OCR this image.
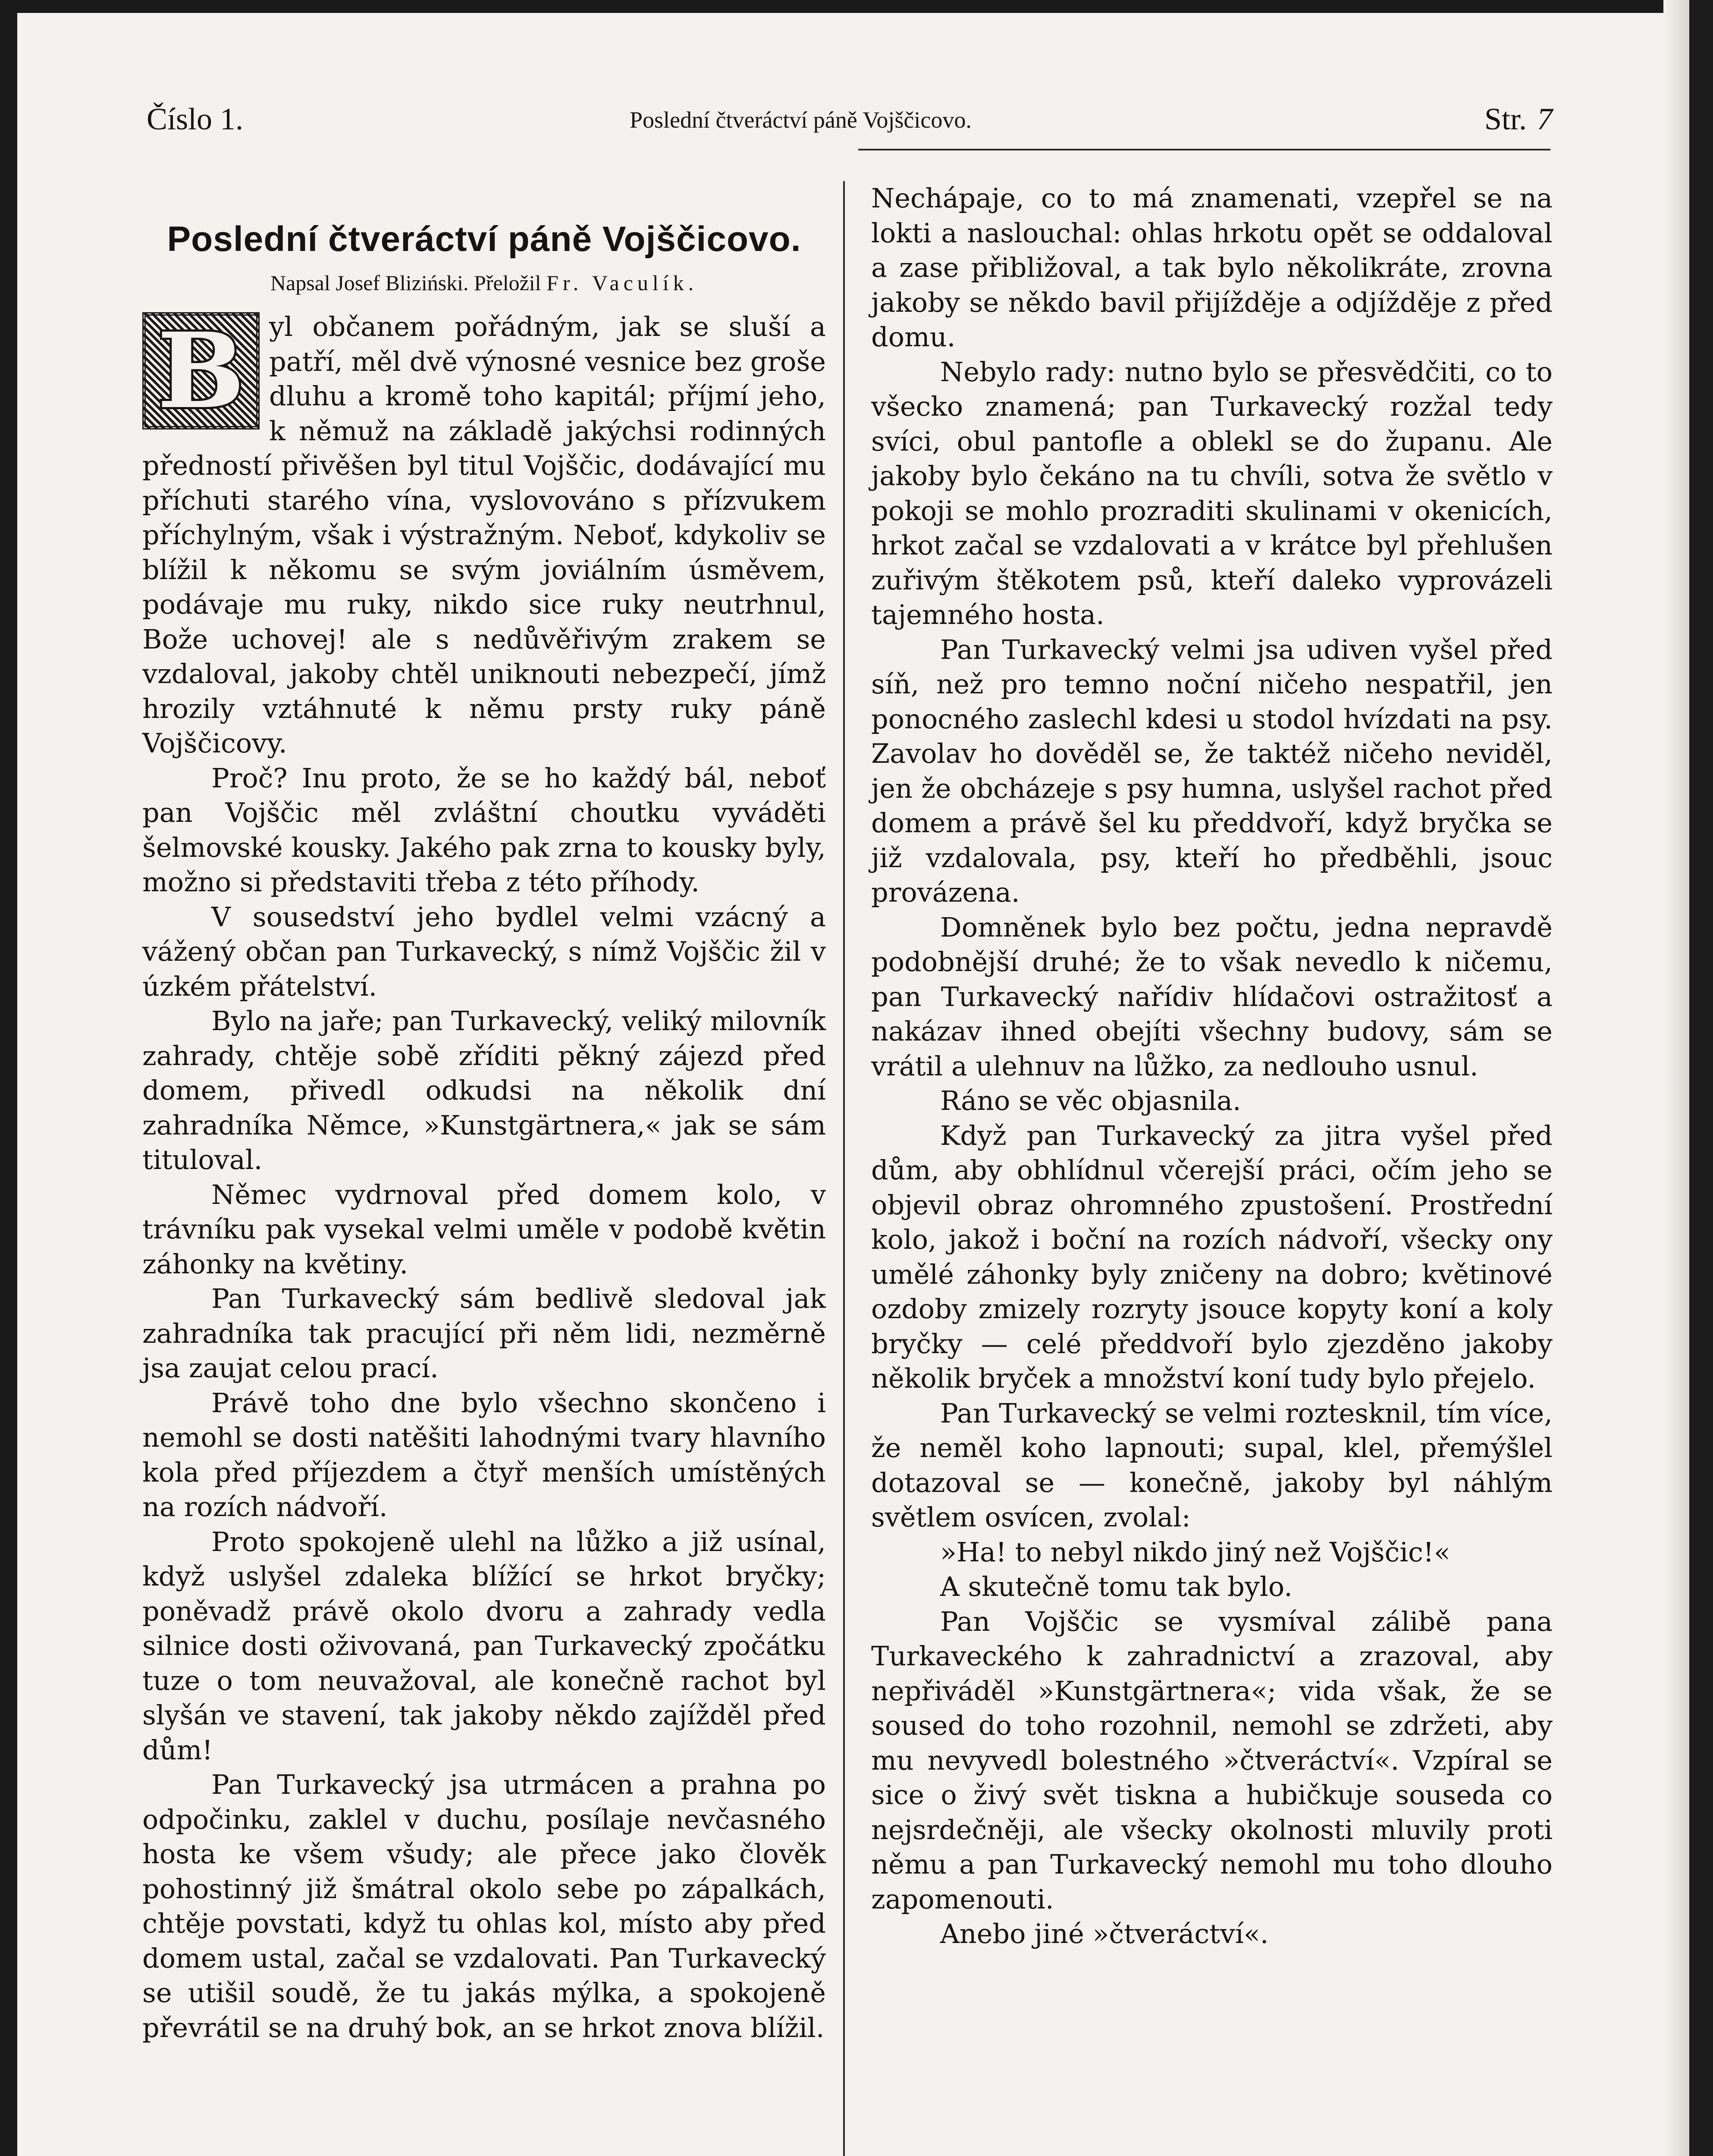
Číslo 1.	Poslední čtveráctví páně Vojščicovo.	Str. 7
Poslední čtveráctví páně Vojščicovo.
Napsal Josef Bliziński. Přeložil Fr. Vaculík.

B yl občanem pořádným, jak se sluší a patří, měl dvě výnosné vesnice bez groše dluhu a kromě toho kapitál; příjmí jeho, k němuž na základě jakýchsi rodinných předností přivěšen byl titul Vojščic, dodávající mu příchuti starého vína, vyslovováno s přízvukem příchylným, však i výstražným. Neboť, kdykoliv se blížil k někomu se svým joviálním úsměvem, podávaje mu ruky, nikdo sice ruky neutrhnul, Bože uchovej! ale s nedůvěřivým zrakem se vzdaloval, jakoby chtěl uniknouti nebezpečí, jímž hrozily vztáhnuté k němu prsty ruky páně Vojščicovy.

Proč? Inu proto, že se ho každý bál, neboť pan Vojščic měl zvláštní choutku vyváděti šelmovské kousky. Jakého pak zrna to kousky byly, možno si představiti třeba z této příhody.

V sousedství jeho bydlel velmi vzácný a vážený občan pan Turkavecký, s nímž Vojščic žil v úzkém přátelství.

Bylo na jaře; pan Turkavecký, veliký milovník zahrady, chtěje sobě zříditi pěkný zájezd před domem, přivedl odkudsi na několik dní zahradníka Němce, »Kunstgärtnera,« jak se sám tituloval.

Němec vydrnoval před domem kolo, v trávníku pak vysekal velmi uměle v podobě květin záhonky na květiny.

Pan Turkavecký sám bedlivě sledoval jak zahradníka tak pracující při něm lidi, nezměrně jsa zaujat celou prací.

Právě toho dne bylo všechno skončeno i nemohl se dosti natěšiti lahodnými tvary hlavního kola před příjezdem a čtyř menších umístěných na rozích nádvoří.

Proto spokojeně ulehl na lůžko a již usínal, když uslyšel zdaleka blížící se hrkot bryčky; poněvadž právě okolo dvoru a zahrady vedla silnice dosti oživovaná, pan Turkavecký zpočátku tuze o tom neuvažoval, ale konečně rachot byl slyšán ve stavení, tak jakoby někdo zajížděl před dům!

Pan Turkavecký jsa utrmácen a prahna po odpočinku, zaklel v duchu, posílaje nevčasného hosta ke všem všudy; ale přece jako člověk pohostinný již šmátral okolo sebe po zápalkách, chtěje povstati, když tu ohlas kol, místo aby před domem ustal, začal se vzdalovati. Pan Turkavecký se utišil soudě, že tu jakás mýlka, a spokojeně převrátil se na druhý bok, an se hrkot znova blížil.

Nechápaje, co to má znamenati, vzepřel se na lokti a naslouchal: ohlas hrkotu opět se oddaloval a zase přibližoval, a tak bylo několikráte, zrovna jakoby se někdo bavil přijížděje a odjížděje z před domu.

Nebylo rady: nutno bylo se přesvědčiti, co to všecko znamená; pan Turkavecký rozžal tedy svíci, obul pantofle a oblekl se do županu. Ale jakoby bylo čekáno na tu chvíli, sotva že světlo v pokoji se mohlo prozraditi skulinami v okenicích, hrkot začal se vzdalovati a v krátce byl přehlušen zuřivým štěkotem psů, kteří daleko vyprovázeli tajemného hosta.

Pan Turkavecký velmi jsa udiven vyšel před síň, než pro temno noční ničeho nespatřil, jen ponocného zaslechl kdesi u stodol hvízdati na psy. Zavolav ho dověděl se, že taktéž ničeho neviděl, jen že obcházeje s psy humna, uslyšel rachot před domem a právě šel ku předdvoří, když bryčka se již vzdalovala, psy, kteří ho předběhli, jsouc provázena.

Domněnek bylo bez počtu, jedna nepravdě podobnější druhé; že to však nevedlo k ničemu, pan Turkavecký nařídiv hlídačovi ostražitosť a nakázav ihned obejíti všechny budovy, sám se vrátil a ulehnuv na lůžko, za nedlouho usnul.

Ráno se věc objasnila.

Když pan Turkavecký za jitra vyšel před dům, aby obhlídnul včerejší práci, očím jeho se objevil obraz ohromného zpustošení. Prostřední kolo, jakož i boční na rozích nádvoří, všecky ony umělé záhonky byly zničeny na dobro; květinové ozdoby zmizely rozryty jsouce kopyty koní a koly bryčky — celé předdvoří bylo zjezděno jakoby několik bryček a množství koní tudy bylo přejelo.

Pan Turkavecký se velmi roztesknil, tím více, že neměl koho lapnouti; supal, klel, přemýšlel dotazoval se — konečně, jakoby byl náhlým světlem osvícen, zvolal:

»Ha! to nebyl nikdo jiný než Vojščic!«

A skutečně tomu tak bylo.

Pan Vojščic se vysmíval zálibě pana Turkaveckého k zahradnictví a zrazoval, aby nepřiváděl »Kunstgärtnera«; vida však, že se soused do toho rozohnil, nemohl se zdržeti, aby mu nevyvedl bolestného »čtveráctví«. Vzpíral se sice o živý svět tiskna a hubičkuje souseda co nejsrdečněji, ale všecky okolnosti mluvily proti němu a pan Turkavecký nemohl mu toho dlouho zapomenouti.

Anebo jiné »čtveráctví«.
